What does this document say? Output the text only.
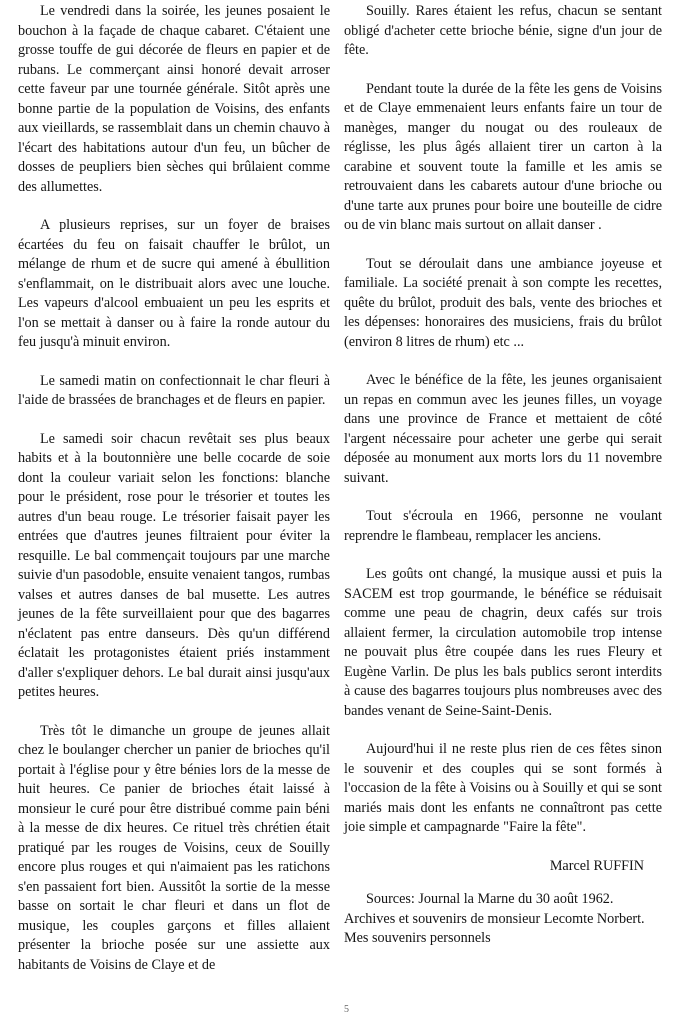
Le vendredi dans la soirée, les jeunes posaient le bouchon à la façade de chaque cabaret. C'étaient une grosse touffe de gui décorée de fleurs en papier et de rubans. Le commerçant ainsi honoré devait arroser cette faveur par une tournée générale. Sitôt après une bonne partie de la population de Voisins, des enfants aux vieillards, se rassemblait dans un chemin chauvo à l'écart des habitations autour d'un feu, un bûcher de dosses de peupliers bien sèches qui brûlaient comme des allumettes.

A plusieurs reprises, sur un foyer de braises écartées du feu on faisait chauffer le brûlot, un mélange de rhum et de sucre qui amené à ébullition s'enflammait, on le distribuait alors avec une louche. Les vapeurs d'alcool embuaient un peu les esprits et l'on se mettait à danser ou à faire la ronde autour du feu jusqu'à minuit environ.

Le samedi matin on confectionnait le char fleuri à l'aide de brassées de branchages et de fleurs en papier.

Le samedi soir chacun revêtait ses plus beaux habits et à la boutonnière une belle cocarde de soie dont la couleur variait selon les fonctions: blanche pour le président, rose pour le trésorier et toutes les autres d'un beau rouge. Le trésorier faisait payer les entrées que d'autres jeunes filtraient pour éviter la resquille. Le bal commençait toujours par une marche suivie d'un pasodoble, ensuite venaient tangos, rumbas valses et autres danses de bal musette. Les autres jeunes de la fête surveillaient pour que des bagarres n'éclatent pas entre danseurs. Dès qu'un différend éclatait les protagonistes étaient priés instamment d'aller s'expliquer dehors. Le bal durait ainsi jusqu'aux petites heures.

Très tôt le dimanche un groupe de jeunes allait chez le boulanger chercher un panier de brioches qu'il portait à l'église pour y être bénies lors de la messe de huit heures. Ce panier de brioches était laissé à monsieur le curé pour être distribué comme pain béni à la messe de dix heures. Ce rituel très chrétien était pratiqué par les rouges de Voisins, ceux de Souilly encore plus rouges et qui n'aimaient pas les ratichons s'en passaient fort bien. Aussitôt la sortie de la messe basse on sortait le char fleuri et dans un flot de musique, les couples garçons et filles allaient présenter la brioche posée sur une assiette aux habitants de Voisins de Claye et de

Souilly. Rares étaient les refus, chacun se sentant obligé d'acheter cette brioche bénie, signe d'un jour de fête.

Pendant toute la durée de la fête les gens de Voisins et de Claye emmenaient leurs enfants faire un tour de manèges, manger du nougat ou des rouleaux de réglisse, les plus âgés allaient tirer un carton à la carabine et souvent toute la famille et les amis se retrouvaient dans les cabarets autour d'une brioche ou d'une tarte aux prunes pour boire une bouteille de cidre ou de vin blanc mais surtout on allait danser .

Tout se déroulait dans une ambiance joyeuse et familiale. La société prenait à son compte les recettes, quête du brûlot, produit des bals, vente des brioches et les dépenses: honoraires des musiciens, frais du brûlot (environ 8 litres de rhum) etc ...

Avec le bénéfice de la fête, les jeunes organisaient un repas en commun avec les jeunes filles, un voyage dans une province de France et mettaient de côté l'argent nécessaire pour acheter une gerbe qui serait déposée au monument aux morts lors du 11 novembre suivant.

Tout s'écroula en 1966, personne ne voulant reprendre le flambeau, remplacer les anciens.

Les goûts ont changé, la musique aussi et puis la SACEM est trop gourmande, le bénéfice se réduisait comme une peau de chagrin, deux cafés sur trois allaient fermer, la circulation automobile trop intense ne pouvait plus être coupée dans les rues Fleury et Eugène Varlin. De plus les bals publics seront interdits à cause des bagarres toujours plus nombreuses avec des bandes venant de Seine-Saint-Denis.

Aujourd'hui il ne reste plus rien de ces fêtes sinon le souvenir et des couples qui se sont formés à l'occasion de la fête à Voisins ou à Souilly et qui se sont mariés mais dont les enfants ne connaîtront pas cette joie simple et campagnarde "Faire la fête".

Marcel RUFFIN

Sources: Journal la Marne du 30 août 1962. Archives et souvenirs de monsieur Lecomte Norbert. Mes souvenirs personnels

5
